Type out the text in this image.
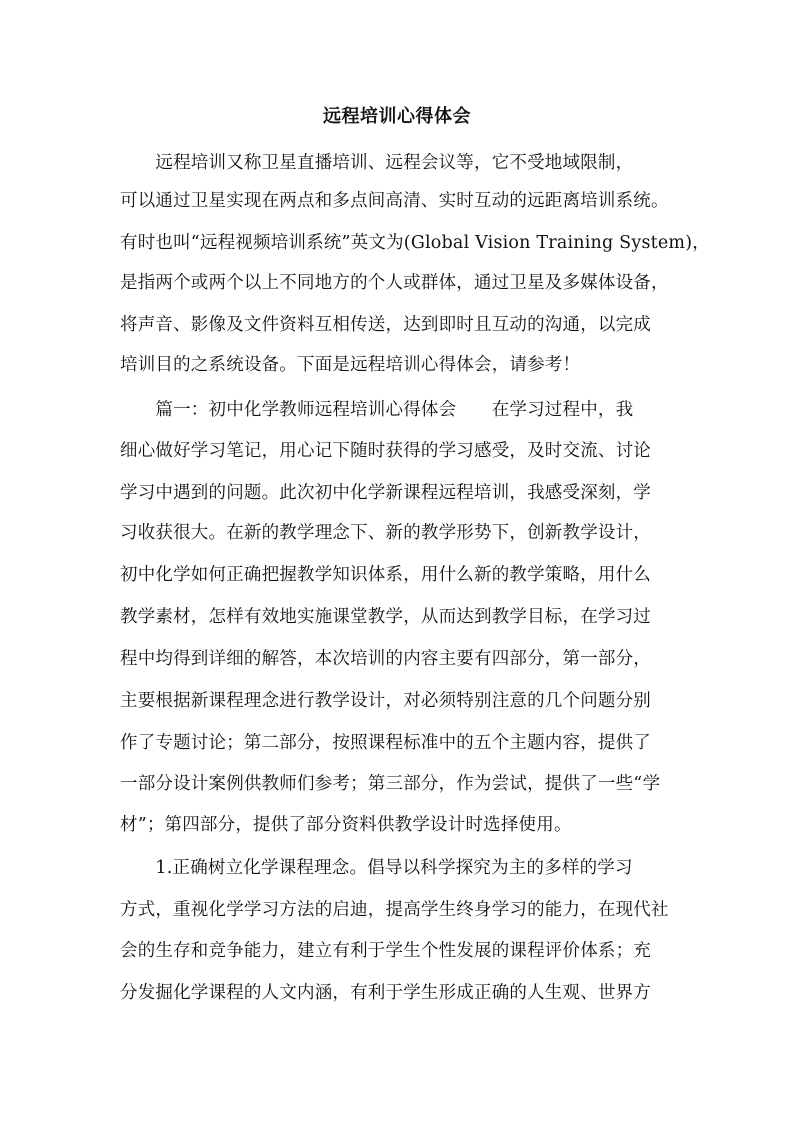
远程培训心得体会
　　远程培训又称卫星直播培训、远程会议等，它不受地域限制，
可以通过卫星实现在两点和多点间高清、实时互动的远距离培训系统。
有时也叫“远程视频培训系统”英文为(Global Vision Training System)，
是指两个或两个以上不同地方的个人或群体，通过卫星及多媒体设备，
将声音、影像及文件资料互相传送，达到即时且互动的沟通，以完成
培训目的之系统设备。下面是远程培训心得体会，请参考！
　　篇一：初中化学教师远程培训心得体会　　在学习过程中，我
细心做好学习笔记，用心记下随时获得的学习感受，及时交流、讨论
学习中遇到的问题。此次初中化学新课程远程培训，我感受深刻，学
习收获很大。在新的教学理念下、新的教学形势下，创新教学设计，
初中化学如何正确把握教学知识体系，用什么新的教学策略，用什么
教学素材，怎样有效地实施课堂教学，从而达到教学目标，在学习过
程中均得到详细的解答，本次培训的内容主要有四部分，第一部分，
主要根据新课程理念进行教学设计，对必须特别注意的几个问题分别
作了专题讨论；第二部分，按照课程标准中的五个主题内容，提供了
一部分设计案例供教师们参考；第三部分，作为尝试，提供了一些“学
材”；第四部分，提供了部分资料供教学设计时选择使用。
　　1.正确树立化学课程理念。倡导以科学探究为主的多样的学习
方式，重视化学学习方法的启迪，提高学生终身学习的能力，在现代社
会的生存和竞争能力，建立有利于学生个性发展的课程评价体系；充
分发掘化学课程的人文内涵，有利于学生形成正确的人生观、世界方
